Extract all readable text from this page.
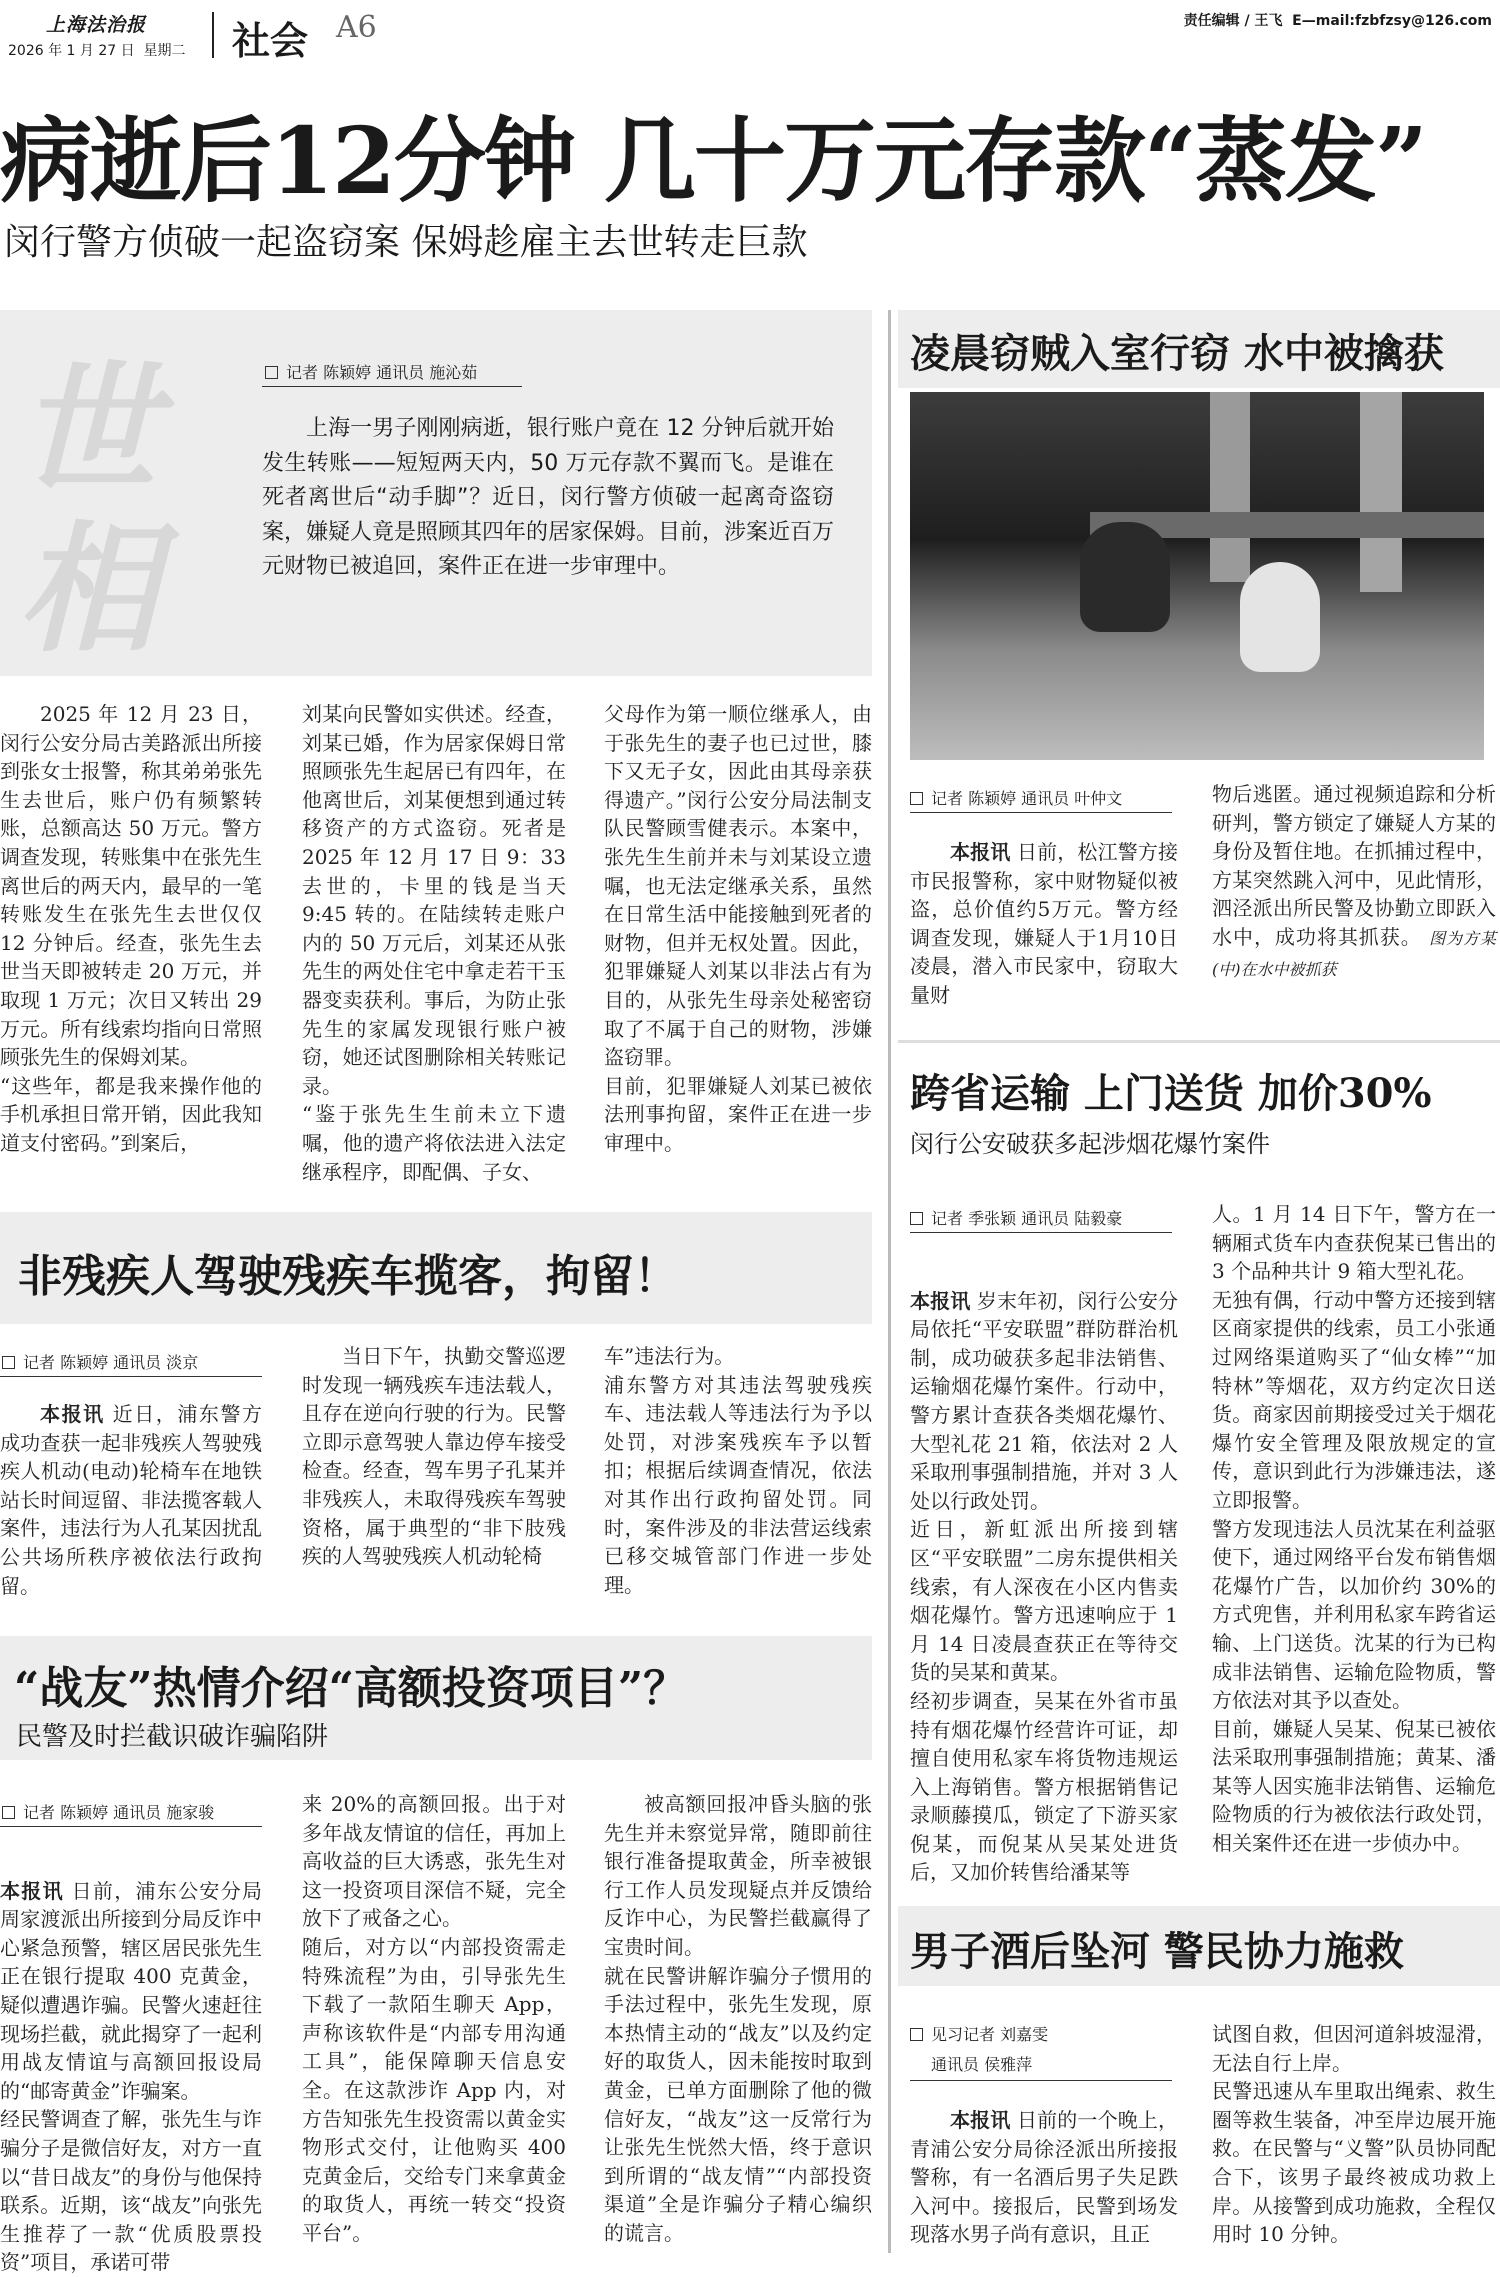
上海法治报
2026 年 1 月 27 日  星期二 社会 A6	责任编辑 / 王飞  E—mail:fzbfzsy@126.com
病逝后12分钟 几十万元存款“蒸发”
闵行警方侦破一起盗窃案 保姆趁雇主去世转走巨款
世相
记者 陈颖婷 通讯员 施沁茹
上海一男子刚刚病逝，银行账户竟在 12 分钟后就开始发生转账——短短两天内，50 万元存款不翼而飞。是谁在死者离世后“动手脚”？近日，闵行警方侦破一起离奇盗窃案，嫌疑人竟是照顾其四年的居家保姆。目前，涉案近百万元财物已被追回，案件正在进一步审理中。
2025 年 12 月 23 日，闵行公安分局古美路派出所接到张女士报警，称其弟弟张先生去世后，账户仍有频繁转账，总额高达 50 万元。警方调查发现，转账集中在张先生离世后的两天内，最早的一笔转账发生在张先生去世仅仅 12 分钟后。经查，张先生去世当天即被转走 20 万元，并取现 1 万元；次日又转出 29 万元。所有线索均指向日常照顾张先生的保姆刘某。
“这些年，都是我来操作他的手机承担日常开销，因此我知道支付密码。”到案后，
刘某向民警如实供述。经查，刘某已婚，作为居家保姆日常照顾张先生起居已有四年，在他离世后，刘某便想到通过转移资产的方式盗窃。死者是 2025 年 12 月 17 日 9：33 去世的，卡里的钱是当天 9:45 转的。在陆续转走账户内的 50 万元后，刘某还从张先生的两处住宅中拿走若干玉器变卖获利。事后，为防止张先生的家属发现银行账户被窃，她还试图删除相关转账记录。
“鉴于张先生生前未立下遗嘱，他的遗产将依法进入法定继承程序，即配偶、子女、
父母作为第一顺位继承人，由于张先生的妻子也已过世，膝下又无子女，因此由其母亲获得遗产。”闵行公安分局法制支队民警顾雪健表示。本案中，张先生生前并未与刘某设立遗嘱，也无法定继承关系，虽然在日常生活中能接触到死者的财物，但并无权处置。因此，犯罪嫌疑人刘某以非法占有为目的，从张先生母亲处秘密窃取了不属于自己的财物，涉嫌盗窃罪。
目前，犯罪嫌疑人刘某已被依法刑事拘留，案件正在进一步审理中。
非残疾人驾驶残疾车揽客，拘留！
记者 陈颖婷 通讯员 淡京
本报讯 近日，浦东警方成功查获一起非残疾人驾驶残疾人机动(电动)轮椅车在地铁站长时间逗留、非法揽客载人案件，违法行为人孔某因扰乱公共场所秩序被依法行政拘留。
当日下午，执勤交警巡逻时发现一辆残疾车违法载人，且存在逆向行驶的行为。民警立即示意驾驶人靠边停车接受检查。经查，驾车男子孔某并非残疾人，未取得残疾车驾驶资格，属于典型的“非下肢残疾的人驾驶残疾人机动轮椅
车”违法行为。
浦东警方对其违法驾驶残疾车、违法载人等违法行为予以处罚，对涉案残疾车予以暂扣；根据后续调查情况，依法对其作出行政拘留处罚。同时，案件涉及的非法营运线索已移交城管部门作进一步处理。
“战友”热情介绍“高额投资项目”？
民警及时拦截识破诈骗陷阱
记者 陈颖婷 通讯员 施家骏

本报讯 日前，浦东公安分局周家渡派出所接到分局反诈中心紧急预警，辖区居民张先生正在银行提取 400 克黄金，疑似遭遇诈骗。民警火速赶往现场拦截，就此揭穿了一起利用战友情谊与高额回报设局的“邮寄黄金”诈骗案。
经民警调查了解，张先生与诈骗分子是微信好友，对方一直以“昔日战友”的身份与他保持联系。近期，该“战友”向张先生推荐了一款“优质股票投资”项目，承诺可带

来 20%的高额回报。出于对多年战友情谊的信任，再加上高收益的巨大诱惑，张先生对这一投资项目深信不疑，完全放下了戒备之心。
随后，对方以“内部投资需走特殊流程”为由，引导张先生下载了一款陌生聊天 App，声称该软件是“内部专用沟通工具”，能保障聊天信息安全。在这款涉诈 App 内，对方告知张先生投资需以黄金实物形式交付，让他购买 400 克黄金后，交给专门来拿黄金的取货人，再统一转交“投资平台”。
被高额回报冲昏头脑的张先生并未察觉异常，随即前往银行准备提取黄金，所幸被银行工作人员发现疑点并反馈给反诈中心，为民警拦截赢得了宝贵时间。
就在民警讲解诈骗分子惯用的手法过程中，张先生发现，原本热情主动的“战友”以及约定好的取货人，因未能按时取到黄金，已单方面删除了他的微信好友，“战友”这一反常行为让张先生恍然大悟，终于意识到所谓的“战友情”“内部投资渠道”全是诈骗分子精心编织的谎言。
凌晨窃贼入室行窃 水中被擒获
记者 陈颖婷 通讯员 叶仲文
本报讯 日前，松江警方接市民报警称，家中财物疑似被盗，总价值约5万元。警方经调查发现，嫌疑人于1月10日凌晨，潜入市民家中，窃取大量财
物后逃匿。通过视频追踪和分析研判，警方锁定了嫌疑人方某的身份及暂住地。在抓捕过程中，方某突然跳入河中，见此情形，泗泾派出所民警及协勤立即跃入水中，成功将其抓获。 图为方某(中)在水中被抓获
跨省运输 上门送货 加价30%
闵行公安破获多起涉烟花爆竹案件
记者 季张颖 通讯员 陆毅豪

本报讯 岁末年初，闵行公安分局依托“平安联盟”群防群治机制，成功破获多起非法销售、运输烟花爆竹案件。行动中，警方累计查获各类烟花爆竹、大型礼花 21 箱，依法对 2 人采取刑事强制措施，并对 3 人处以行政处罚。
近日，新虹派出所接到辖区“平安联盟”二房东提供相关线索，有人深夜在小区内售卖烟花爆竹。警方迅速响应于 1 月 14 日凌晨查获正在等待交货的吴某和黄某。
经初步调查，吴某在外省市虽持有烟花爆竹经营许可证，却擅自使用私家车将货物违规运入上海销售。警方根据销售记录顺藤摸瓜，锁定了下游买家倪某，而倪某从吴某处进货后，又加价转售给潘某等

人。1 月 14 日下午，警方在一辆厢式货车内查获倪某已售出的 3 个品种共计 9 箱大型礼花。
无独有偶，行动中警方还接到辖区商家提供的线索，员工小张通过网络渠道购买了“仙女棒”“加特林”等烟花，双方约定次日送货。商家因前期接受过关于烟花爆竹安全管理及限放规定的宣传，意识到此行为涉嫌违法，遂立即报警。
警方发现违法人员沈某在利益驱使下，通过网络平台发布销售烟花爆竹广告，以加价约 30%的方式兜售，并利用私家车跨省运输、上门送货。沈某的行为已构成非法销售、运输危险物质，警方依法对其予以查处。
目前，嫌疑人吴某、倪某已被依法采取刑事强制措施；黄某、潘某等人因实施非法销售、运输危险物质的行为被依法行政处罚，相关案件还在进一步侦办中。
男子酒后坠河 警民协力施救
见习记者 刘嘉雯
通讯员 侯雅萍
本报讯 日前的一个晚上，青浦公安分局徐泾派出所接报警称，有一名酒后男子失足跌入河中。接报后，民警到场发现落水男子尚有意识，且正
试图自救，但因河道斜坡湿滑，无法自行上岸。
民警迅速从车里取出绳索、救生圈等救生装备，冲至岸边展开施救。在民警与“义警”队员协同配合下，该男子最终被成功救上岸。从接警到成功施救，全程仅用时 10 分钟。
